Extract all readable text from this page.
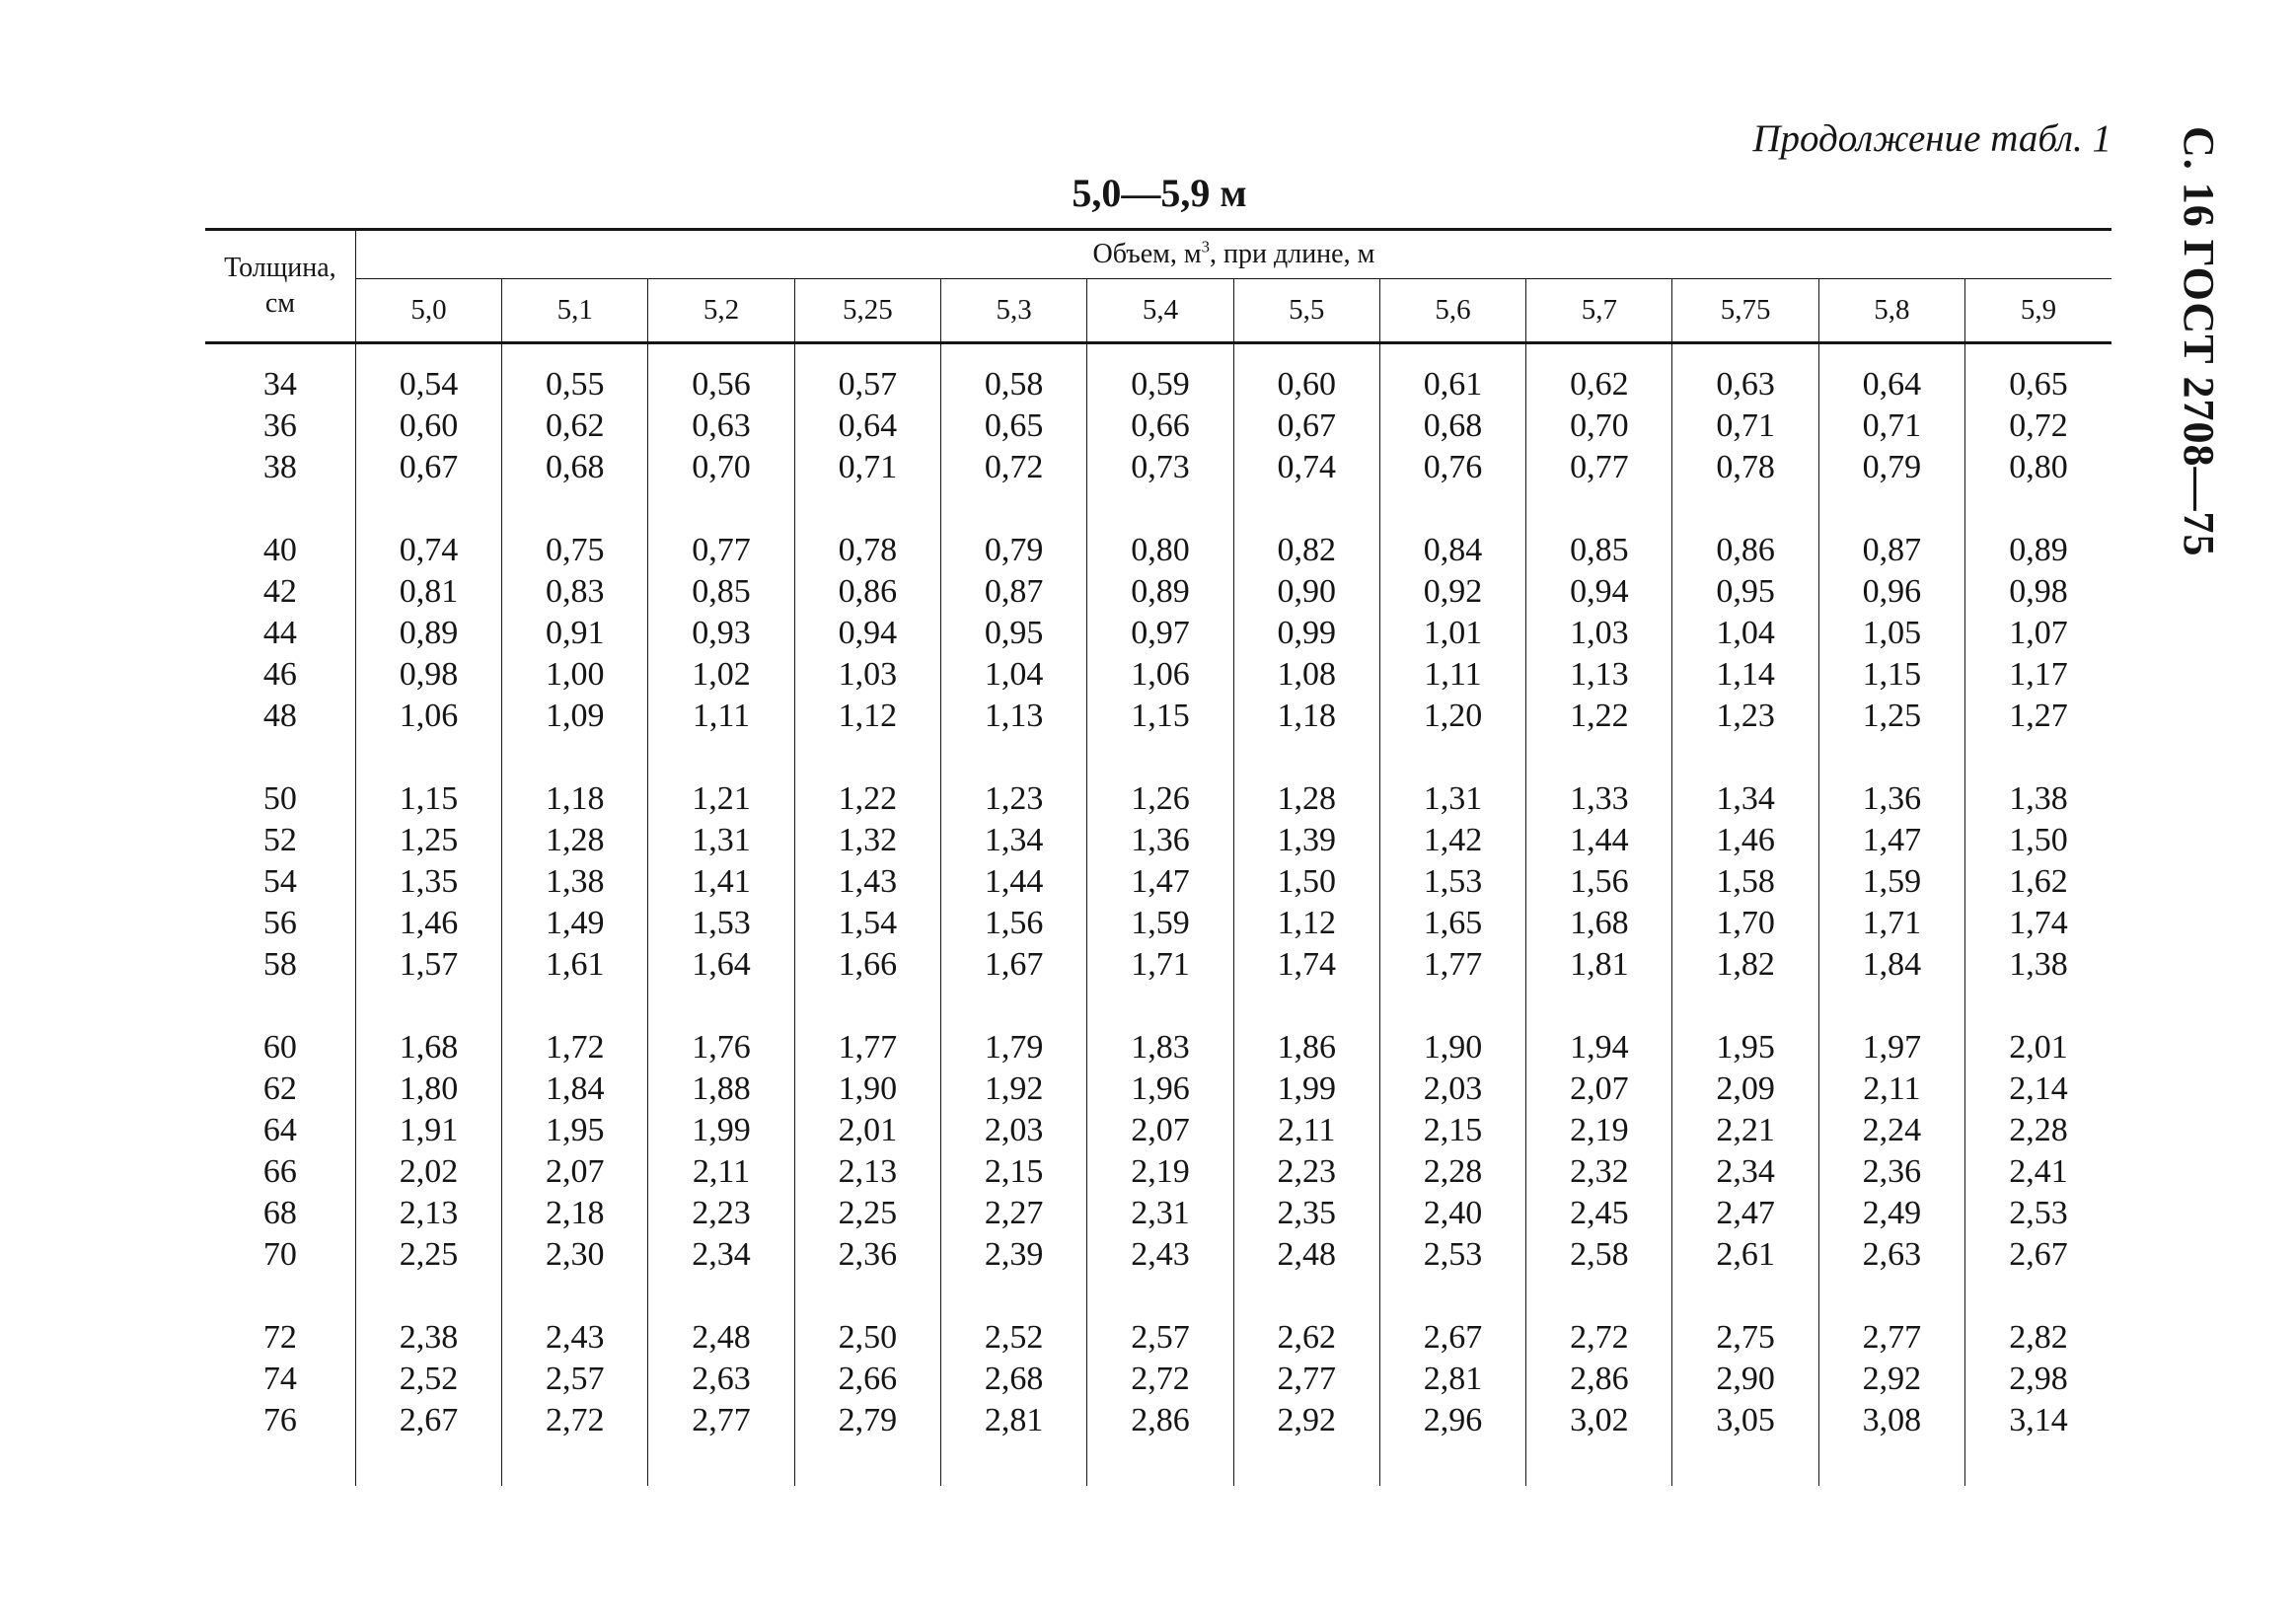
Продолжение табл. 1 С. 16 ГОСТ 2708—75
5,0—5,9 м
Толщина,
см	Объем, $м^3$, при длине, м											
	5,0	5,1	5,2	5,25	5,3	5,4	5,5	5,6	5,7	5,75	5,8	5,9
34	0,54	0,55	0,56	0,57	0,58	0,59	0,60	0,61	0,62	0,63	0,64	0,65
36	0,60	0,62	0,63	0,64	0,65	0,66	0,67	0,68	0,70	0,71	0,71	0,72
38	0,67	0,68	0,70	0,71	0,72	0,73	0,74	0,76	0,77	0,78	0,79	0,80

40	0,74	0,75	0,77	0,78	0,79	0,80	0,82	0,84	0,85	0,86	0,87	0,89
42	0,81	0,83	0,85	0,86	0,87	0,89	0,90	0,92	0,94	0,95	0,96	0,98
44	0,89	0,91	0,93	0,94	0,95	0,97	0,99	1,01	1,03	1,04	1,05	1,07
46	0,98	1,00	1,02	1,03	1,04	1,06	1,08	1,11	1,13	1,14	1,15	1,17
48	1,06	1,09	1,11	1,12	1,13	1,15	1,18	1,20	1,22	1,23	1,25	1,27

50	1,15	1,18	1,21	1,22	1,23	1,26	1,28	1,31	1,33	1,34	1,36	1,38
52	1,25	1,28	1,31	1,32	1,34	1,36	1,39	1,42	1,44	1,46	1,47	1,50
54	1,35	1,38	1,41	1,43	1,44	1,47	1,50	1,53	1,56	1,58	1,59	1,62
56	1,46	1,49	1,53	1,54	1,56	1,59	1,12	1,65	1,68	1,70	1,71	1,74
58	1,57	1,61	1,64	1,66	1,67	1,71	1,74	1,77	1,81	1,82	1,84	1,38

60	1,68	1,72	1,76	1,77	1,79	1,83	1,86	1,90	1,94	1,95	1,97	2,01
62	1,80	1,84	1,88	1,90	1,92	1,96	1,99	2,03	2,07	2,09	2,11	2,14
64	1,91	1,95	1,99	2,01	2,03	2,07	2,11	2,15	2,19	2,21	2,24	2,28
66	2,02	2,07	2,11	2,13	2,15	2,19	2,23	2,28	2,32	2,34	2,36	2,41
68	2,13	2,18	2,23	2,25	2,27	2,31	2,35	2,40	2,45	2,47	2,49	2,53
70	2,25	2,30	2,34	2,36	2,39	2,43	2,48	2,53	2,58	2,61	2,63	2,67

72	2,38	2,43	2,48	2,50	2,52	2,57	2,62	2,67	2,72	2,75	2,77	2,82
74	2,52	2,57	2,63	2,66	2,68	2,72	2,77	2,81	2,86	2,90	2,92	2,98
76	2,67	2,72	2,77	2,79	2,81	2,86	2,92	2,96	3,02	3,05	3,08	3,14
